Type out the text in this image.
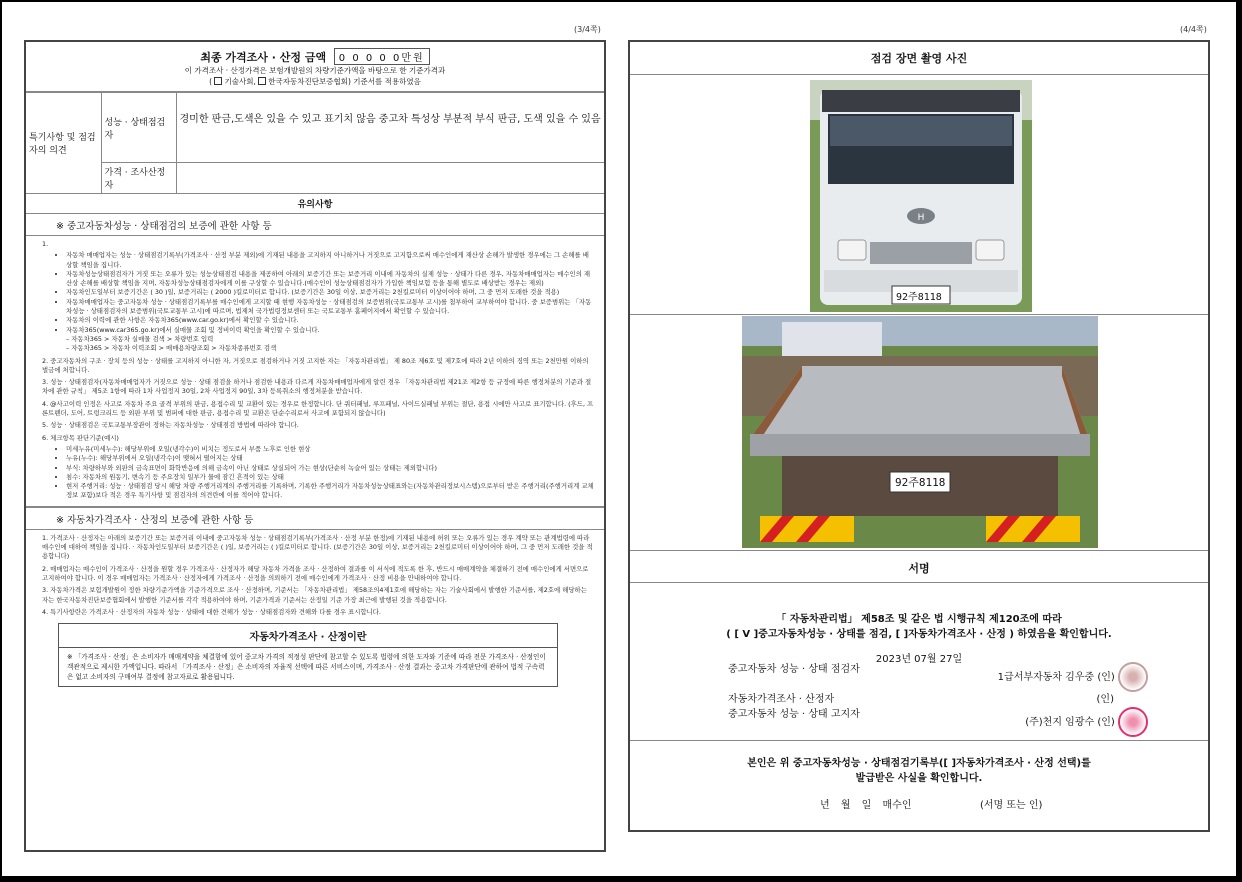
(3/4쪽)	(4/4쪽)
최종 가격조사 · 산정 금액 0 0 0 0 0만원
이 가격조사 · 산정가격은 보험개발원의 차량기준가액을 바탕으로 한 기준가격과
( 기술사회, 한국자동차진단보증협회) 기준서를 적용하였음
특기사항 및 점검자의 의견	성능 · 상태점검자	경미한 판금,도색은 있을 수 있고 표기치 않음 중고차 특성상 부분적 부식 판금, 도색 있을 수 있음
	가격 · 조사산정자	
유의사항
※ 중고자동차성능 · 상태점검의 보증에 관한 사항 등
1.
• 자동차 매매업자는 성능 · 상태점검기록부(가격조사 · 산정 부분 제외)에 기재된 내용을 고지하지 아니하거나 거짓으로 고지함으로써 매수인에게 재산상 손해가 발생한 경우에는 그 손해를 배상할 책임을 집니다.
• 자동차성능상태점검자가 거짓 또는 오류가 있는 성능상태점검 내용을 제공하여 아래의 보증기간 또는 보증거리 이내에 자동차의 실제 성능 · 상태가 다른 경우, 자동차매매업자는 매수인의 재산상 손해를 배상할 책임을 지며, 자동차성능상태점검자에게 이를 구상할 수 있습니다.(매수인이 성능상태점검자가 가입한 책임보험 등을 통해 별도로 배상받는 경우는 제외)
• 자동차인도일부터 보증기간은 ( 30 )일, 보증거리는 ( 2000 )킬로미터로 합니다. (보증기간은 30일 이상, 보증거리는 2천킬로미터 이상이어야 하며, 그 중 먼저 도래한 것을 적용)
• 자동차매매업자는 중고자동차 성능 · 상태점검기록부를 매수인에게 고지할 때 현행 자동차성능 · 상태점검의 보증범위(국토교통부 고시)를 첨부하여 교부하여야 합니다. 중 보증범위는 「자동차성능 · 상태점검자의 보증범위(국토교통부 고시)에 따르며, 법제처 국가법령정보센터 또는 국토교통부 홈페이지에서 확인할 수 있습니다.
• 자동차의 이력에 관한 사항은 자동차365(www.car.go.kr)에서 확인할 수 있습니다.
• 자동차365(www.car365.go.kr)에서 실매물 조회 및 정비이력 확인을 확인할 수 있습니다.
– 자동차365 > 자동차 실매물 검색 > 차량번호 입력
– 자동차365 > 자동차 이력조회 > 매매용차량조회 > 자동차종류번호 검색
2. 중고자동차의 구조 · 장치 등의 성능 · 상태를 고지하지 아니한 자, 거짓으로 점검하거나 거짓 고지한 자는 「자동차관리법」 제 80조 제6호 및 제7호에 따라 2년 이하의 징역 또는 2천만원 이하의 벌금에 처합니다.
3. 성능 · 상태점검자(자동차매매업자가 거짓으로 성능 · 상태 점검을 하거나 점검한 내용과 다르게 자동차매매업자에게 알린 경우 「자동차관리법 제21조 제2항 등 규정에 따른 행정처분의 기준과 절차에 관한 규칙」 제5조 1항에 따라 1차 사업정지 30일, 2차 사업정지 90일, 3차 등록취소의 행정처분을 받습니다.
4. @사고이력 인정은 사고로 자동차 주요 골격 부위의 판금, 용접수리 및 교환이 있는 경우로 한정합니다. 단 쿼터패널, 루프패널, 사이드실패널 부위는 절단, 용접 시에만 사고로 표기합니다. (후드, 프론트펜더, 도어, 트렁크리드 등 외판 부위 및 범퍼에 대한 판금, 용접수리 및 교환은 단순수리로서 사고에 포함되지 않습니다)
5. 성능 · 상태점검은 국토교통부장관이 정하는 자동차성능 · 상태점검 방법에 따라야 합니다.
6. 체크항목 판단기준(예시)
• 미세누유(미세누수): 해당부위에 오일(냉각수)이 비치는 정도로서 부품 노후로 인한 현상
• 누유(누수): 해당부위에서 오일(냉각수)이 맺혀서 떨어지는 상태
• 부식: 차량하부와 외판의 금속표면이 화학반응에 의해 금속이 아닌 상태로 상실되어 가는 현상(단순히 녹슬어 있는 상태는 제외합니다)
• 침수: 자동차의 원동기, 변속기 등 주요장치 일부가 물에 잠긴 흔적이 있는 상태
• 현저 주행거리: 성능 · 상태점검 당시 해당 차량 주행거리계의 주행거리를 기록하며, 기록한 주행거리가 자동차성능상태표와는(자동차관리정보시스템)으로부터 받은 주행거리(주행거리계 교체 정보 포함)보다 적은 경우 특기사항 및 점검자의 의견란에 이를 적어야 합니다.
※ 자동차가격조사 · 산정의 보증에 관한 사항 등
1. 가격조사 · 산정자는 아래의 보증기간 또는 보증거리 이내에 중고자동차 성능 · 상태점검기록부(가격조사 · 산정 부분 한정)에 기재된 내용에 허위 또는 오류가 있는 경우 계약 또는 관계법령에 따라 매수인에 대하여 책임을 집니다. · 자동차인도일부터 보증기간은 ( )일, 보증거리는 ( )킬로미터로 합니다. (보증기간은 30일 이상, 보증거리는 2천킬로미터 이상이어야 하며, 그 중 먼저 도래한 것을 적용합니다)
2. 매매업자는 매수인이 가격조사 · 산정을 원할 경우 가격조사 · 산정자가 해당 자동차 가격을 조사 · 산정하여 결과를 이 서식에 적도록 한 후, 반드시 매매계약을 체결하기 전에 매수인에게 서면으로 고지하여야 합니다. 이 경우 매매업자는 가격조사 · 산정자에게 가격조사 · 산정을 의뢰하기 전에 매수인에게 가격조사 · 산정 비용을 안내하여야 합니다.
3. 자동차가격은 보험개발원이 정한 차량기준가액을 기준가격으로 조사 · 산정하며, 기준서는 「자동차관리법」 제58조의4제1호에 해당하는 자는 기술사회에서 발행한 기준서를, 제2호에 해당하는 자는 한국자동차진단보증협회에서 발행한 기준서를 각각 적용하여야 하며, 기준가격과 기준서는 산정일 기준 가장 최근에 발행된 것을 적용합니다.
4. 특기사항란은 가격조사 · 산정자의 자동차 성능 · 상태에 대한 견해가 성능 · 상태점검자와 견해와 다를 경우 표시합니다.
자동차가격조사 · 산정이란
※ 「가격조사 · 산정」은 소비자가 매매계약을 체결함에 있어 중고차 가격의 적정성 판단에 참고할 수 있도록 법령에 의한 도자와 기준에 따라 전문 가격조사 · 산정인이 객관적으로 제시한 가액입니다. 따라서 「가격조사 · 산정」은 소비자의 자율적 선택에 따른 서비스이며, 가격조사 · 산정 결과는 중고차 가격판단에 관하여 법적 구속력은 없고 소비자의 구매여부 결정에 참고자료로 활용됩니다.
점검 장면 촬영 사진
H
92주8118
92주8118
서명
「 자동차관리법」 제58조 및 같은 법 시행규칙 제120조에 따라
( [ V ]중고자동차성능 · 상태를 점검, [ ]자동차가격조사 · 산정 ) 하였음을 확인합니다.
2023년 07월 27일
중고자동차 성능 · 상태 점검자
1급서부자동차 김우중 (인)
자동차가격조사 · 산정자	(인)
중고자동차 성능 · 상태 고지자
(주)천지 임광수 (인)
본인은 위 중고자동차성능 · 상태점검기록부([ ]자동차가격조사 · 산정 선택)를
발급받은 사실을 확인합니다.
년 월 일 매수인	(서명 또는 인)
